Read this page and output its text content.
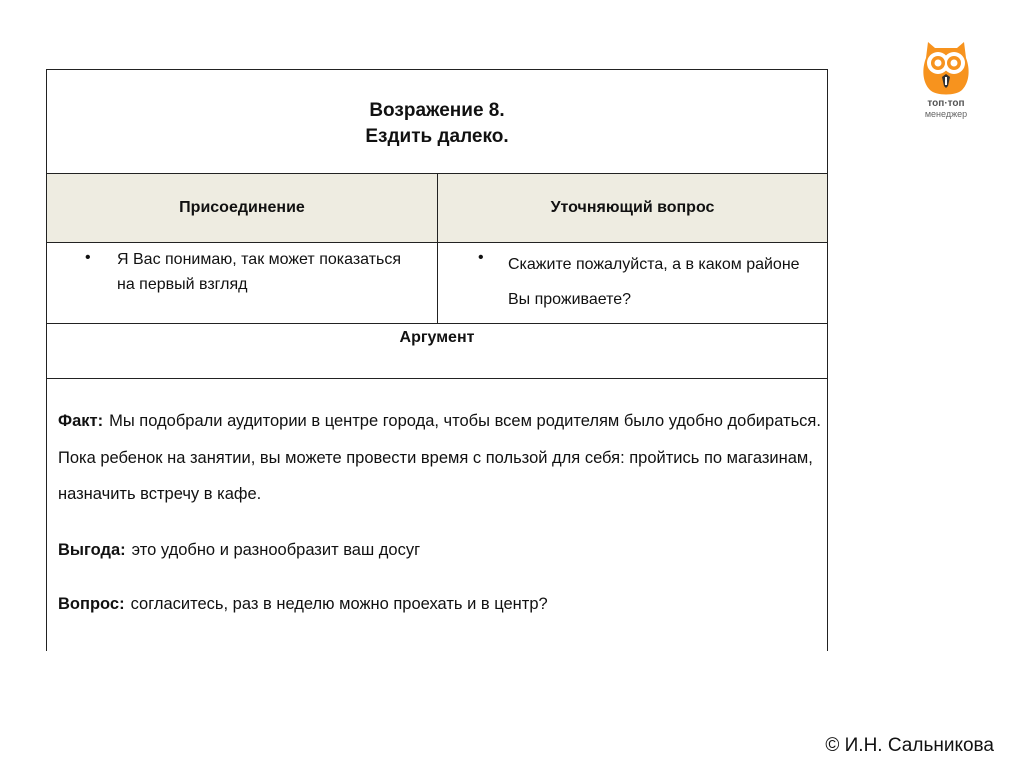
топ·топ
менеджер
Возражение 8.
Ездить далеко.
Присоединение
• Я Вас понимаю, так может показаться на первый взгляд
Уточняющий вопрос
• Скажите пожалуйста, а в каком районе Вы проживаете?
Аргумент

Факт: Мы подобрали аудитории в центре города, чтобы всем родителям было удобно добираться. Пока ребенок на занятии, вы можете провести время с пользой для себя: пройтись по магазинам, назначить встречу в кафе.

Выгода: это удобно и разнообразит ваш досуг

Вопрос: согласитесь, раз в неделю можно проехать и в центр?

© И.Н. Сальникова
